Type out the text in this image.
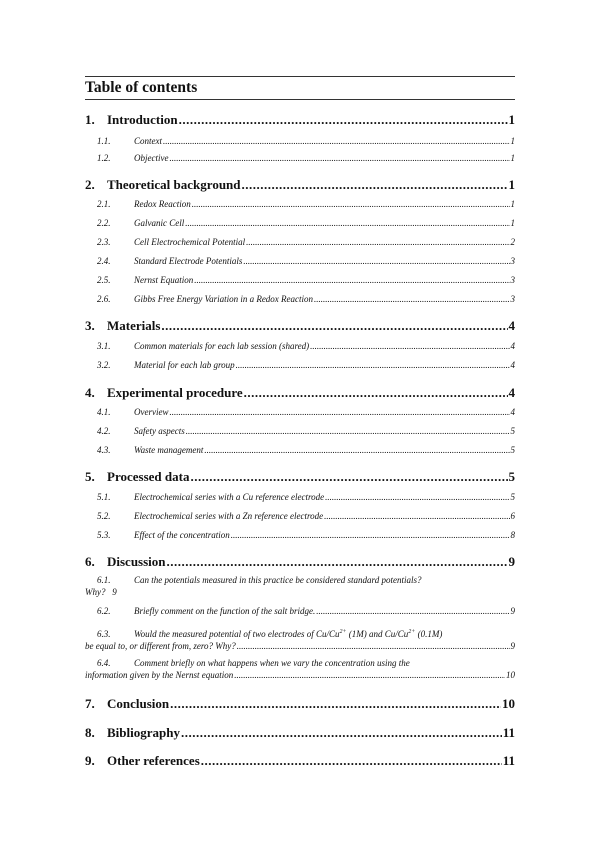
Table of contents
1. Introduction .....	1
1.1.	Context .....	1
1.2.	Objective .....	1
2. Theoretical background .....	1
2.1.	Redox Reaction .....	1
2.2.	Galvanic Cell .....	1
2.3.	Cell Electrochemical Potential .....	2
2.4.	Standard Electrode Potentials .....	3
2.5.	Nernst Equation .....	3
2.6.	Gibbs Free Energy Variation in a Redox Reaction .....	3
3. Materials .....	4
3.1.	Common materials for each lab session (shared) .....	4
3.2.	Material for each lab group .....	4
4. Experimental procedure .....	4
4.1.	Overview .....	4
4.2.	Safety aspects .....	5
4.3.	Waste management .....	5
5. Processed data .....	5
5.1.	Electrochemical series with a Cu reference electrode .....	5
5.2.	Electrochemical series with a Zn reference electrode .....	6
5.3.	Effect of the concentration .....	8
6. Discussion .....	9
6.1.	Can the potentials measured in this practice be considered standard potentials?
Why? 9
6.2.	Briefly comment on the function of the salt bridge. .....	9
6.3.	Would the measured potential of two electrodes of $Cu/Cu^{2+}$ (1M) and $Cu/Cu^{2+}$ (0.1M)
be equal to, or different from, zero? Why? .....	9
6.4.	Comment briefly on what happens when we vary the concentration using the
information given by the Nernst equation .....	10
7. Conclusion .....	10
8. Bibliography .....	11
9. Other references .....	11
